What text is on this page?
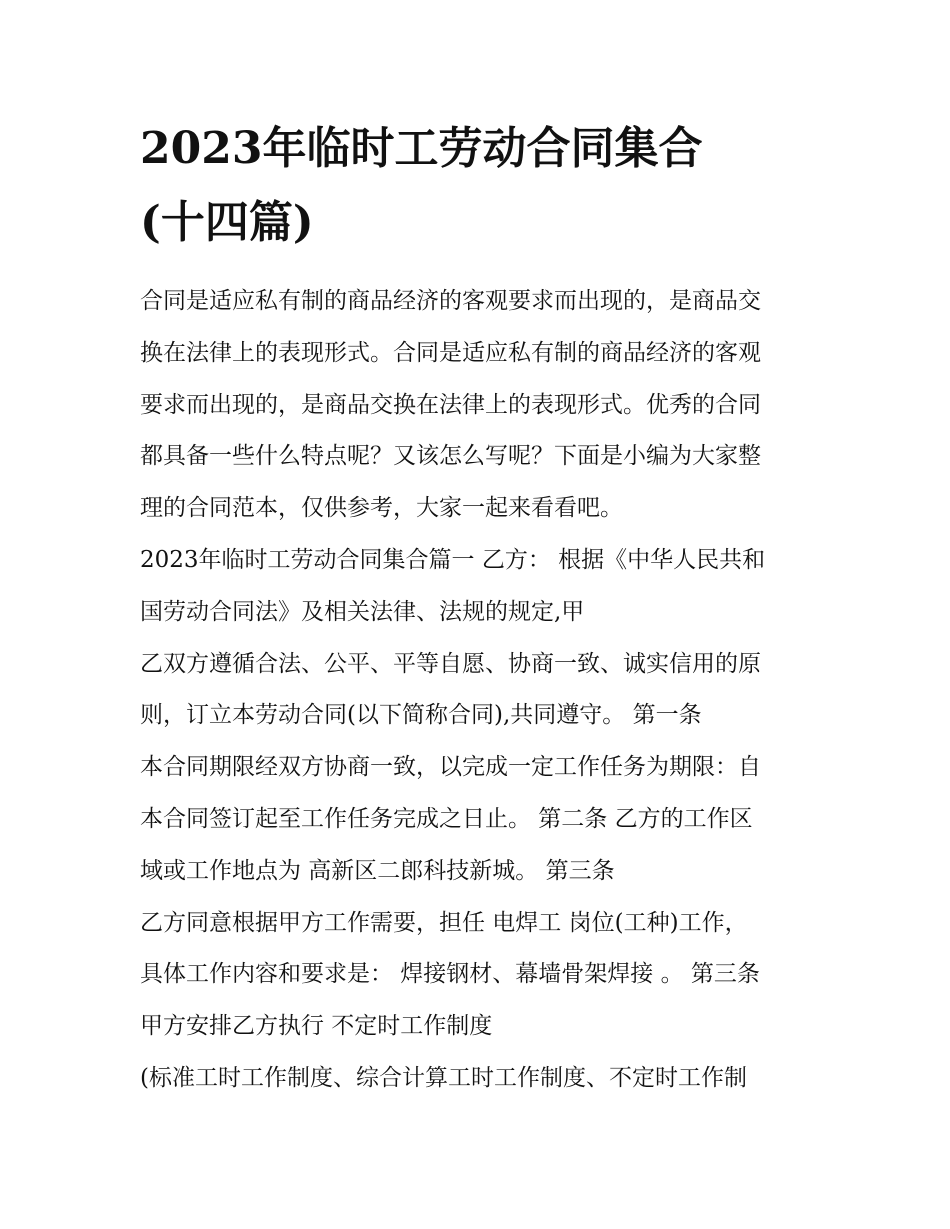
2023年临时工劳动合同集合
(十四篇)
合同是适应私有制的商品经济的客观要求而出现的，是商品交
换在法律上的表现形式。合同是适应私有制的商品经济的客观
要求而出现的，是商品交换在法律上的表现形式。优秀的合同
都具备一些什么特点呢？又该怎么写呢？下面是小编为大家整
理的合同范本，仅供参考，大家一起来看看吧。
2023年临时工劳动合同集合篇一 乙方： 根据《中华人民共和
国劳动合同法》及相关法律、法规的规定,甲
乙双方遵循合法、公平、平等自愿、协商一致、诚实信用的原
则，订立本劳动合同(以下简称合同),共同遵守。 第一条
本合同期限经双方协商一致，以完成一定工作任务为期限：自
本合同签订起至工作任务完成之日止。 第二条 乙方的工作区
域或工作地点为 高新区二郎科技新城。 第三条
乙方同意根据甲方工作需要，担任 电焊工 岗位(工种)工作，
具体工作内容和要求是： 焊接钢材、幕墙骨架焊接 。 第三条
甲方安排乙方执行 不定时工作制度
(标准工时工作制度、综合计算工时工作制度、不定时工作制
